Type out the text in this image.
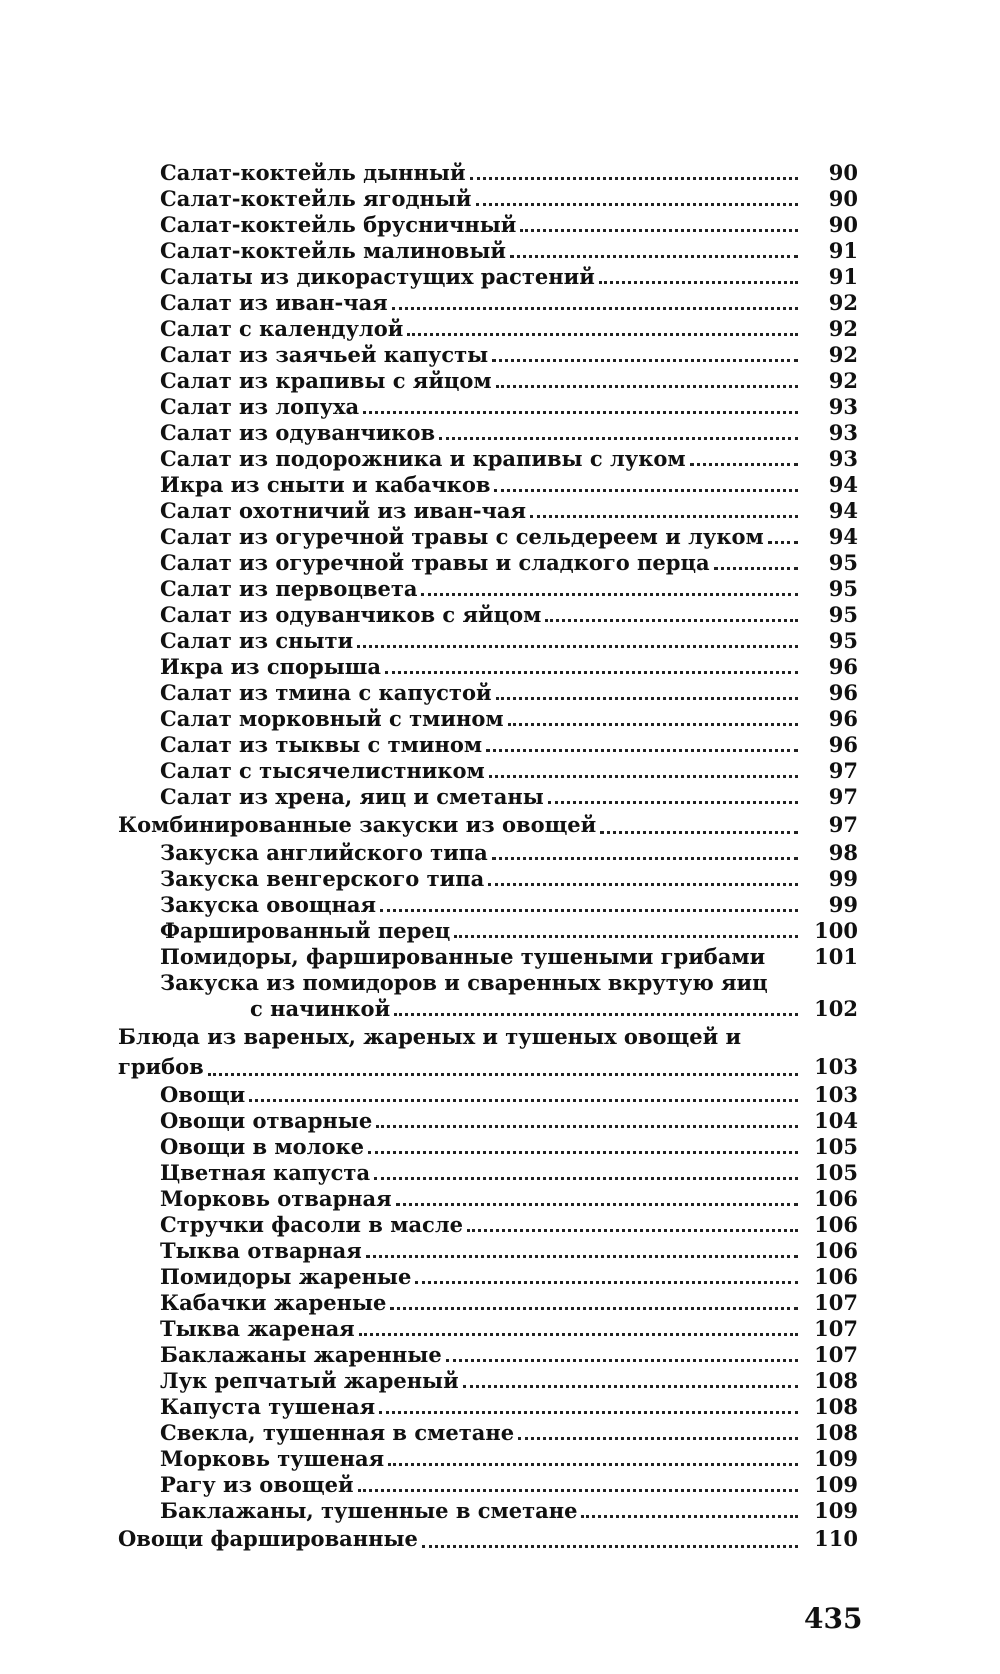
Салат-коктейль дынный	90
Салат-коктейль ягодный	90
Салат-коктейль брусничный	90
Салат-коктейль малиновый	91
Салаты из дикорастущих растений	91
Салат из иван-чая	92
Салат с календулой	92
Салат из заячьей капусты	92
Салат из крапивы с яйцом	92
Салат из лопуха	93
Салат из одуванчиков	93
Салат из подорожника и крапивы с луком	93
Икра из сныти и кабачков	94
Салат охотничий из иван-чая	94
Салат из огуречной травы с сельдереем и луком	94
Салат из огуречной травы и сладкого перца	95
Салат из первоцвета	95
Салат из одуванчиков с яйцом	95
Салат из сныти	95
Икра из спорыша	96
Салат из тмина с капустой	96
Салат морковный с тмином	96
Салат из тыквы с тмином	96
Салат с тысячелистником	97
Салат из хрена, яиц и сметаны	97
Комбинированные закуски из овощей	97
Закуска английского типа	98
Закуска венгерского типа	99
Закуска овощная	99
Фаршированный перец	100
Помидоры, фаршированные тушеными грибами	101
Закуска из помидоров и сваренных вкрутую яиц
с начинкой	102
Блюда из вареных, жареных и тушеных овощей и
грибов	103
Овощи	103
Овощи отварные	104
Овощи в молоке	105
Цветная капуста	105
Морковь отварная	106
Стручки фасоли в масле	106
Тыква отварная	106
Помидоры жареные	106
Кабачки жареные	107
Тыква жареная	107
Баклажаны жаренные	107
Лук репчатый жареный	108
Капуста тушеная	108
Свекла, тушенная в сметане	108
Морковь тушеная	109
Рагу из овощей	109
Баклажаны, тушенные в сметане	109
Овощи фаршированные	110
435
